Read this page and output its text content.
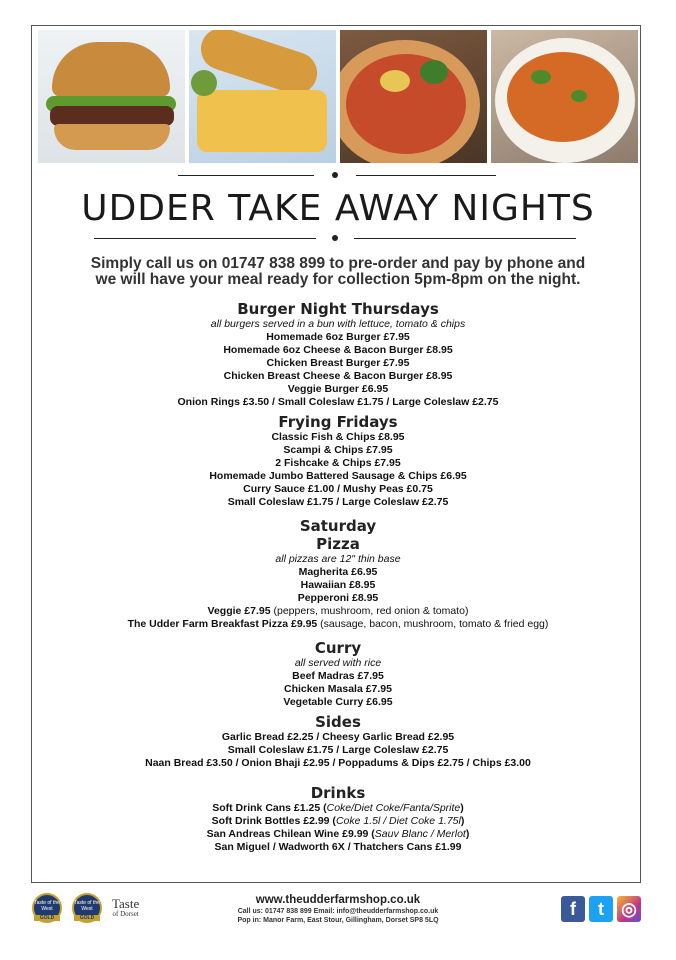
UDDER TAKE AWAY NIGHTS
Simply call us on 01747 838 899 to pre-order and pay by phone and
we will have your meal ready for collection 5pm-8pm on the night.

Burger Night Thursdays

all burgers served in a bun with lettuce, tomato & chips

Homemade 6oz Burger £7.95

Homemade 6oz Cheese & Bacon Burger £8.95

Chicken Breast Burger £7.95

Chicken Breast Cheese & Bacon Burger £8.95

Veggie Burger £6.95

Onion Rings £3.50 / Small Coleslaw £1.75 / Large Coleslaw £2.75

Frying Fridays

Classic Fish & Chips £8.95

Scampi & Chips £7.95

2 Fishcake & Chips £7.95

Homemade Jumbo Battered Sausage & Chips £6.95

Curry Sauce £1.00 / Mushy Peas £0.75

Small Coleslaw £1.75 / Large Coleslaw £2.75

Saturday

Pizza

all pizzas are 12" thin base

Magherita £6.95

Hawaiian £8.95

Pepperoni £8.95

Veggie £7.95 (peppers, mushroom, red onion & tomato)

The Udder Farm Breakfast Pizza £9.95 (sausage, bacon, mushroom, tomato & fried egg)

Curry

all served with rice

Beef Madras £7.95

Chicken Masala £7.95

Vegetable Curry £6.95

Sides

Garlic Bread £2.25 / Cheesy Garlic Bread £2.95

Small Coleslaw £1.75 / Large Coleslaw £2.75

Naan Bread £3.50 / Onion Bhaji £2.95 / Poppadums & Dips £2.75 / Chips £3.00

Drinks

Soft Drink Cans £1.25 (Coke/Diet Coke/Fanta/Sprite)

Soft Drink Bottles £2.99 (Coke 1.5l / Diet Coke 1.75l)

San Andreas Chilean Wine £9.99 (Sauv Blanc / Merlot)

San Miguel / Wadworth 6X / Thatchers Cans £1.99

Taste of the West
GOLD
Taste of the West
GOLD
Taste
of Dorset
www.theudderfarmshop.co.uk
Call us: 01747 838 899 Email: info@theudderfarmshop.co.uk
Pop in: Manor Farm, East Stour, Gillingham, Dorset SP8 5LQ
f	t ◎
